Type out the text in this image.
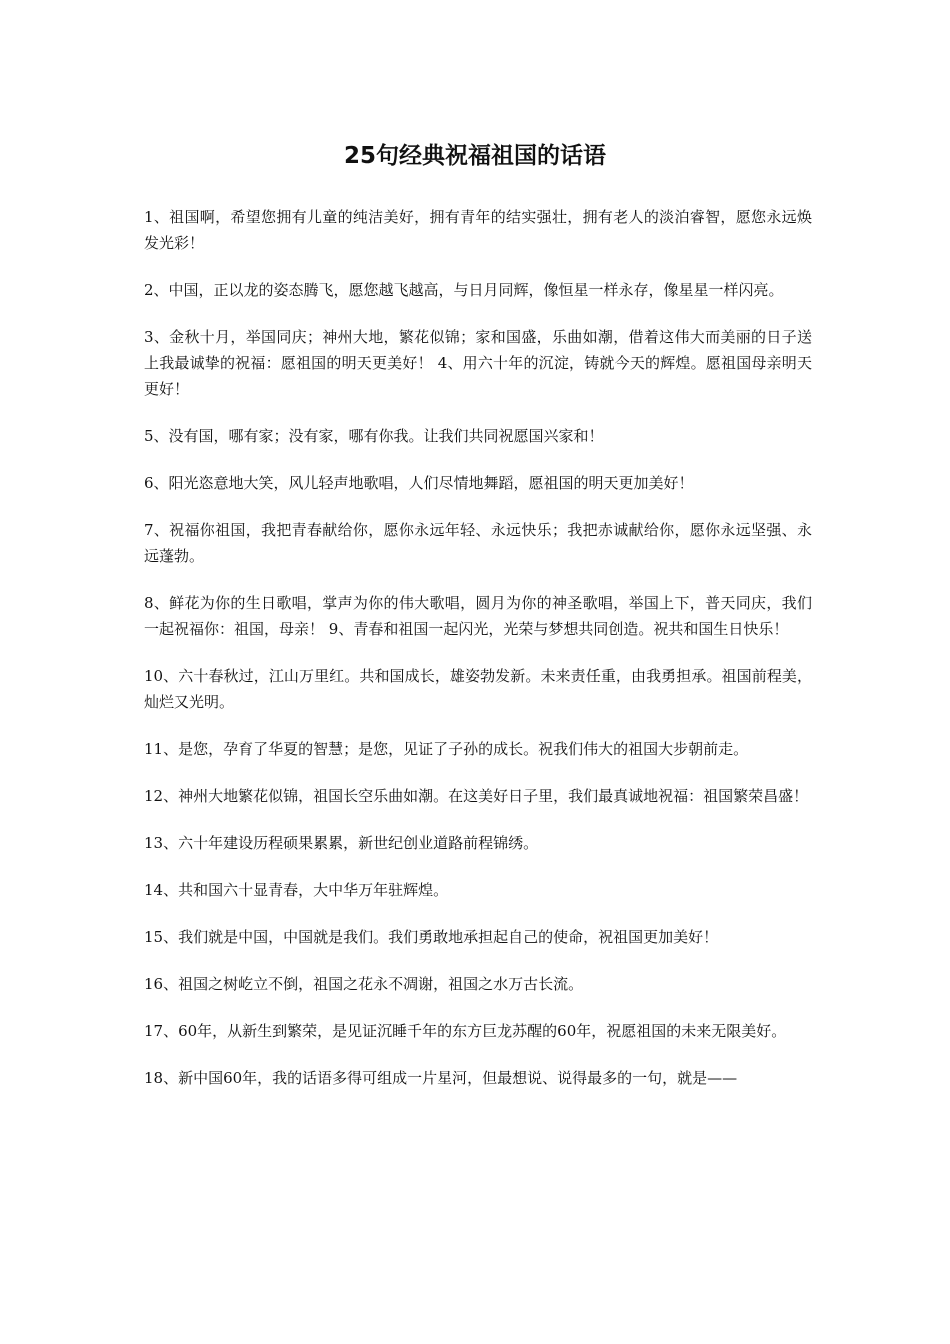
25句经典祝福祖国的话语

1、祖国啊，希望您拥有儿童的纯洁美好，拥有青年的结实强壮，拥有老人的淡泊睿智，愿您永远焕发光彩！

2、中国，正以龙的姿态腾飞，愿您越飞越高，与日月同辉，像恒星一样永存，像星星一样闪亮。

3、金秋十月，举国同庆；神州大地，繁花似锦；家和国盛，乐曲如潮，借着这伟大而美丽的日子送上我最诚挚的祝福：愿祖国的明天更美好！ 4、用六十年的沉淀，铸就今天的辉煌。愿祖国母亲明天更好！

5、没有国，哪有家；没有家，哪有你我。让我们共同祝愿国兴家和！

6、阳光恣意地大笑，风儿轻声地歌唱，人们尽情地舞蹈，愿祖国的明天更加美好！

7、祝福你祖国，我把青春献给你，愿你永远年轻、永远快乐；我把赤诚献给你，愿你永远坚强、永远蓬勃。

8、鲜花为你的生日歌唱，掌声为你的伟大歌唱，圆月为你的神圣歌唱，举国上下，普天同庆，我们一起祝福你：祖国，母亲！ 9、青春和祖国一起闪光，光荣与梦想共同创造。祝共和国生日快乐！

10、六十春秋过，江山万里红。共和国成长，雄姿勃发新。未来责任重，由我勇担承。祖国前程美，灿烂又光明。

11、是您，孕育了华夏的智慧；是您，见证了子孙的成长。祝我们伟大的祖国大步朝前走。

12、神州大地繁花似锦，祖国长空乐曲如潮。在这美好日子里，我们最真诚地祝福：祖国繁荣昌盛！

13、六十年建设历程硕果累累，新世纪创业道路前程锦绣。

14、共和国六十显青春，大中华万年驻辉煌。

15、我们就是中国，中国就是我们。我们勇敢地承担起自己的使命，祝祖国更加美好！

16、祖国之树屹立不倒，祖国之花永不凋谢，祖国之水万古长流。

17、60年，从新生到繁荣，是见证沉睡千年的东方巨龙苏醒的60年，祝愿祖国的未来无限美好。

18、新中国60年，我的话语多得可组成一片星河，但最想说、说得最多的一句，就是——
